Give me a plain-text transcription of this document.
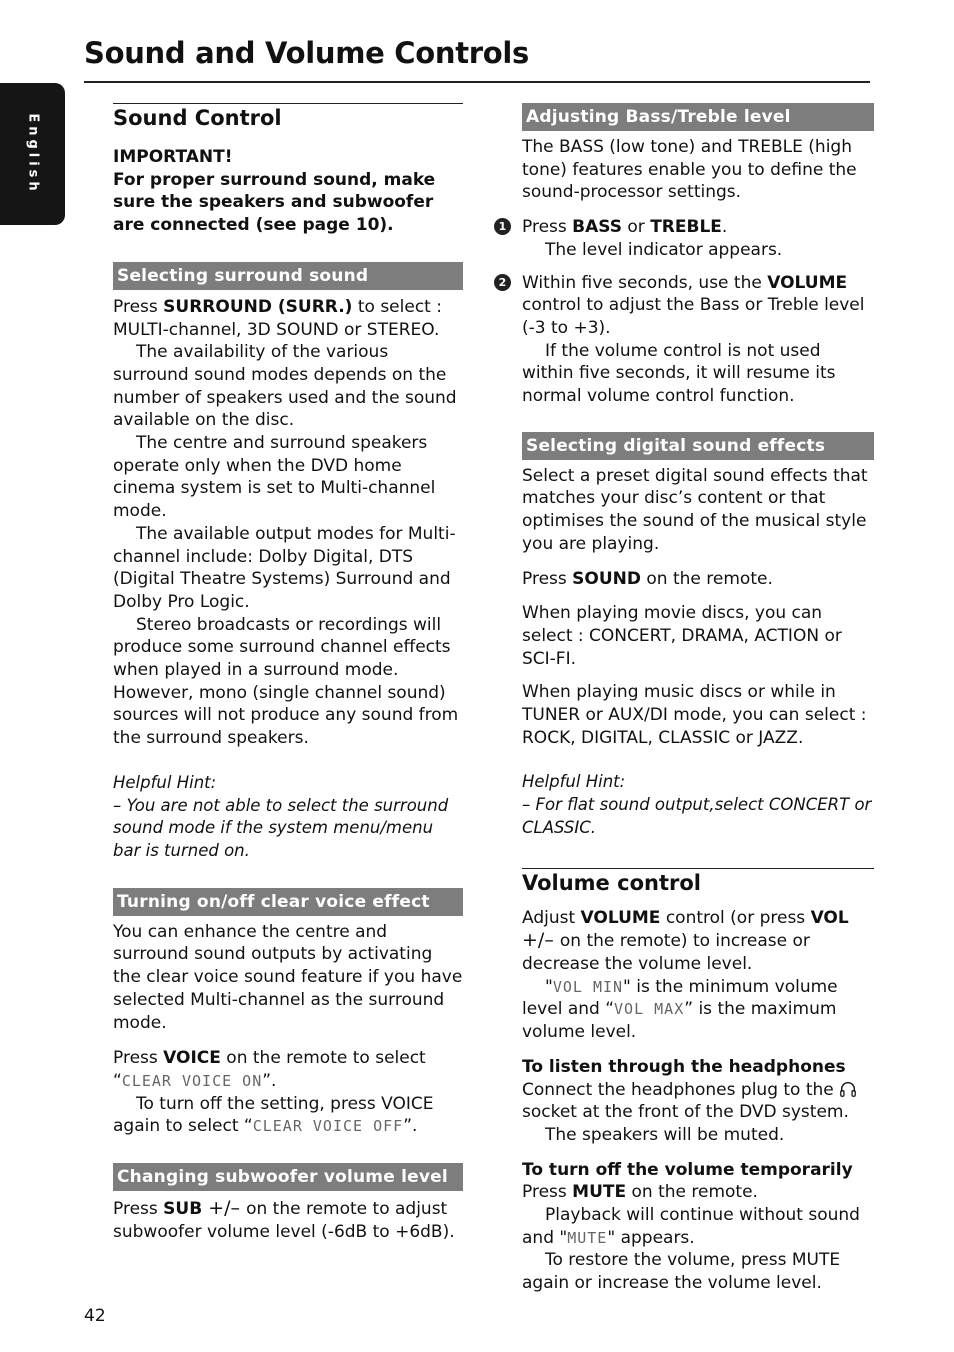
English
Sound and Volume Controls
Sound Control

IMPORTANT!

For proper surround sound, make sure the speakers and subwoofer are connected (see page 10).

Selecting surround sound

Press SURROUND (SURR.) to select : MULTI-channel, 3D SOUND or STEREO.

The availability of the various surround sound modes depends on the number of speakers used and the sound available on the disc.

The centre and surround speakers operate only when the DVD home cinema system is set to Multi-channel mode.

The available output modes for Multi-channel include: Dolby Digital, DTS (Digital Theatre Systems) Surround and Dolby Pro Logic.

Stereo broadcasts or recordings will produce some surround channel effects when played in a surround mode. However, mono (single channel sound) sources will not produce any sound from the surround speakers.

Helpful Hint:

– You are not able to select the surround sound mode if the system menu/menu bar is turned on.

Turning on/off clear voice effect

You can enhance the centre and surround sound outputs by activating the clear voice sound feature if you have selected Multi-channel as the surround mode.

Press VOICE on the remote to select “CLEAR VOICE ON”.

To turn off the setting, press VOICE again to select “CLEAR VOICE OFF”.

Changing subwoofer volume level

Press SUB +/– on the remote to adjust subwoofer volume level (-6dB to +6dB).

Adjusting Bass/Treble level

The BASS (low tone) and TREBLE (high tone) features enable you to define the sound-processor settings.

1 Press BASS or TREBLE.

The level indicator appears.

2 Within five seconds, use the VOLUME control to adjust the Bass or Treble level (-3 to +3).

If the volume control is not used within five seconds, it will resume its normal volume control function.

Selecting digital sound effects

Select a preset digital sound effects that matches your disc’s content or that optimises the sound of the musical style you are playing.

Press SOUND on the remote.

When playing movie discs, you can select : CONCERT, DRAMA, ACTION or SCI-FI.

When playing music discs or while in TUNER or AUX/DI mode, you can select : ROCK, DIGITAL, CLASSIC or JAZZ.

Helpful Hint:

– For flat sound output,select CONCERT or CLASSIC.

Volume control

Adjust VOLUME control (or press VOL +/– on the remote) to increase or decrease the volume level.

"VOL MIN" is the minimum volume level and “VOL MAX” is the maximum volume level.

To listen through the headphones

Connect the headphones plug to the  socket at the front of the DVD system.

The speakers will be muted.

To turn off the volume temporarily

Press MUTE on the remote.

Playback will continue without sound and "MUTE" appears.

To restore the volume, press MUTE again or increase the volume level.

42
